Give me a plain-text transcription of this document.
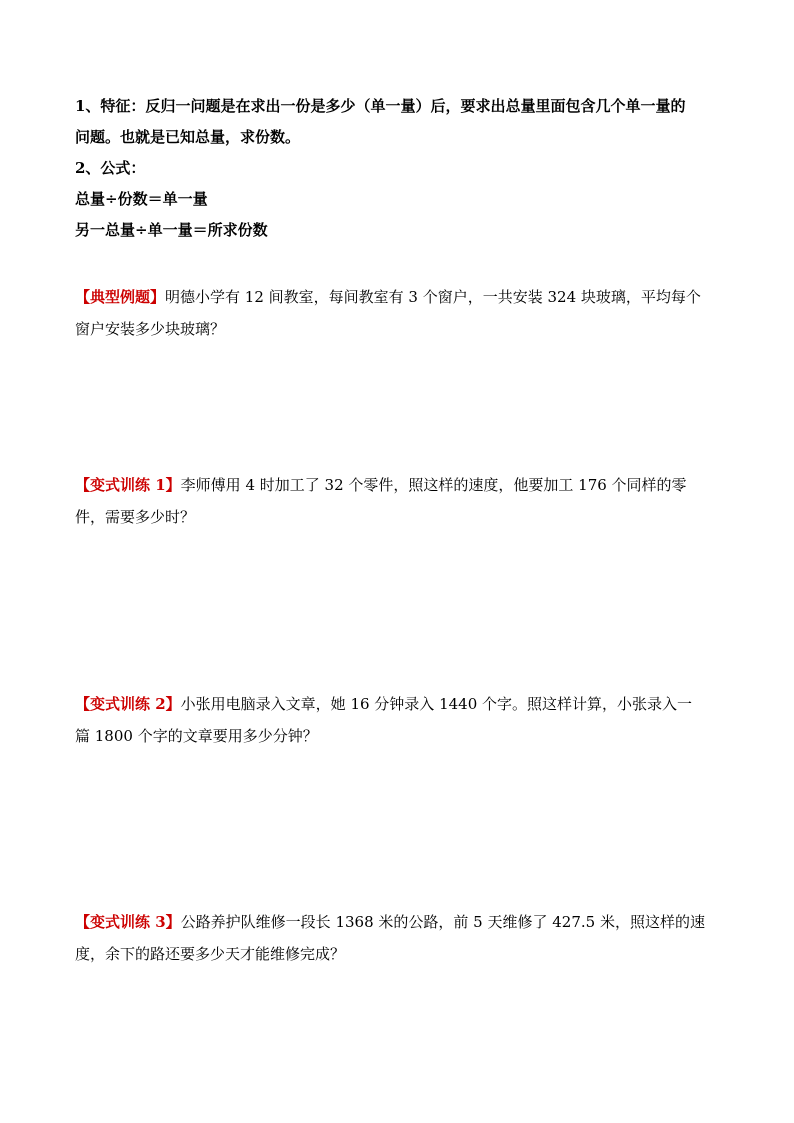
1、特征：反归一问题是在求出一份是多少（单一量）后，要求出总量里面包含几个单一量的
问题。也就是已知总量，求份数。
2、公式：
总量÷份数＝单一量
另一总量÷单一量＝所求份数
【典型例题】明德小学有 12 间教室，每间教室有 3 个窗户，一共安装 324 块玻璃，平均每个
窗户安装多少块玻璃？
【变式训练 1】李师傅用 4 时加工了 32 个零件，照这样的速度，他要加工 176 个同样的零
件，需要多少时？
【变式训练 2】小张用电脑录入文章，她 16 分钟录入 1440 个字。照这样计算，小张录入一
篇 1800 个字的文章要用多少分钟？
【变式训练 3】公路养护队维修一段长 1368 米的公路，前 5 天维修了 427.5 米，照这样的速
度，余下的路还要多少天才能维修完成？
